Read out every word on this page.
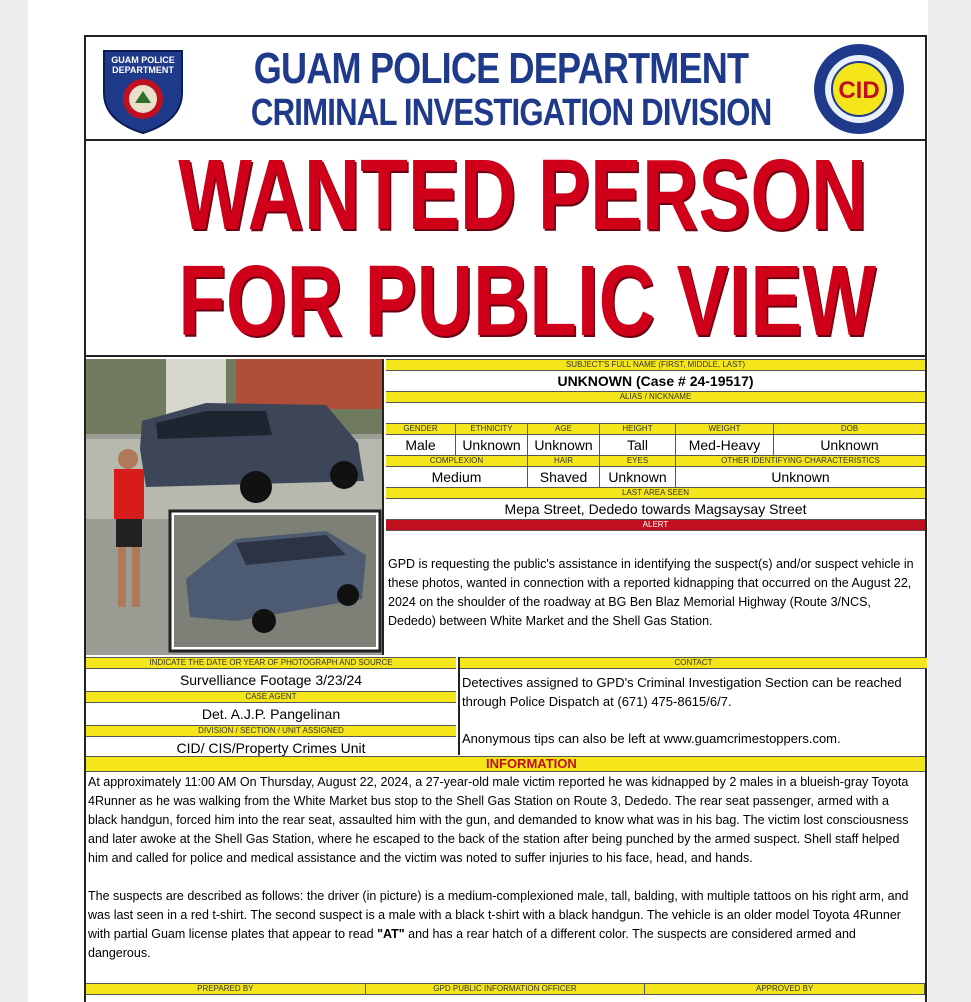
GUAM POLICE
DEPARTMENT GUAM POLICE DEPARTMENT
CRIMINAL INVESTIGATION DIVISION
CID
WANTED PERSON
FOR PUBLIC VIEW
SUBJECT'S FULL NAME (FIRST, MIDDLE, LAST)
UNKNOWN (Case # 24-19517)
ALIAS / NICKNAME
GENDER
Male
ETHNICITY
Unknown
AGE
Unknown
HEIGHT
Tall
WEIGHT
Med-Heavy
DOB
Unknown
COMPLEXION
Medium
HAIR
Shaved
EYES
Unknown
OTHER IDENTIFYING CHARACTERISTICS
Unknown
LAST AREA SEEN
Mepa Street, Dededo towards Magsaysay Street
ALERT
GPD is requesting the public's assistance in identifying the suspect(s) and/or suspect vehicle in these photos, wanted in connection with a reported kidnapping that occurred on the August 22, 2024 on the shoulder of the roadway at BG Ben Blaz Memorial Highway (Route 3/NCS, Dededo) between White Market and the Shell Gas Station.
INDICATE THE DATE OR YEAR OF PHOTOGRAPH AND SOURCE
Survelliance Footage 3/23/24
CASE AGENT
Det. A.J.P. Pangelinan
DIVISION / SECTION / UNIT ASSIGNED
CID/ CIS/Property Crimes Unit
CONTACT
Detectives assigned to GPD's Criminal Investigation Section can be reached through Police Dispatch at (671) 475-8615/6/7.
Anonymous tips can also be left at www.guamcrimestoppers.com.
INFORMATION

At approximately 11:00 AM On Thursday, August 22, 2024, a 27-year-old male victim reported he was kidnapped by 2 males in a blueish-gray Toyota 4Runner as he was walking from the White Market bus stop to the Shell Gas Station on Route 3, Dededo. The rear seat passenger, armed with a black handgun, forced him into the rear seat, assaulted him with the gun, and demanded to know what was in his bag. The victim lost consciousness and later awoke at the Shell Gas Station, where he escaped to the back of the station after being punched by the armed suspect. Shell staff helped him and called for police and medical assistance and the victim was noted to suffer injuries to his face, head, and hands.

The suspects are described as follows: the driver (in picture) is a medium-complexioned male, tall, balding, with multiple tattoos on his right arm, and was last seen in a red t-shirt. The second suspect is a male with a black t-shirt with a black handgun. The vehicle is an older model Toyota 4Runner with partial Guam license plates that appear to read "AT" and has a rear hatch of a different color. The suspects are considered armed and dangerous.

PREPARED BY	GPD PUBLIC INFORMATION OFFICER	APPROVED BY
